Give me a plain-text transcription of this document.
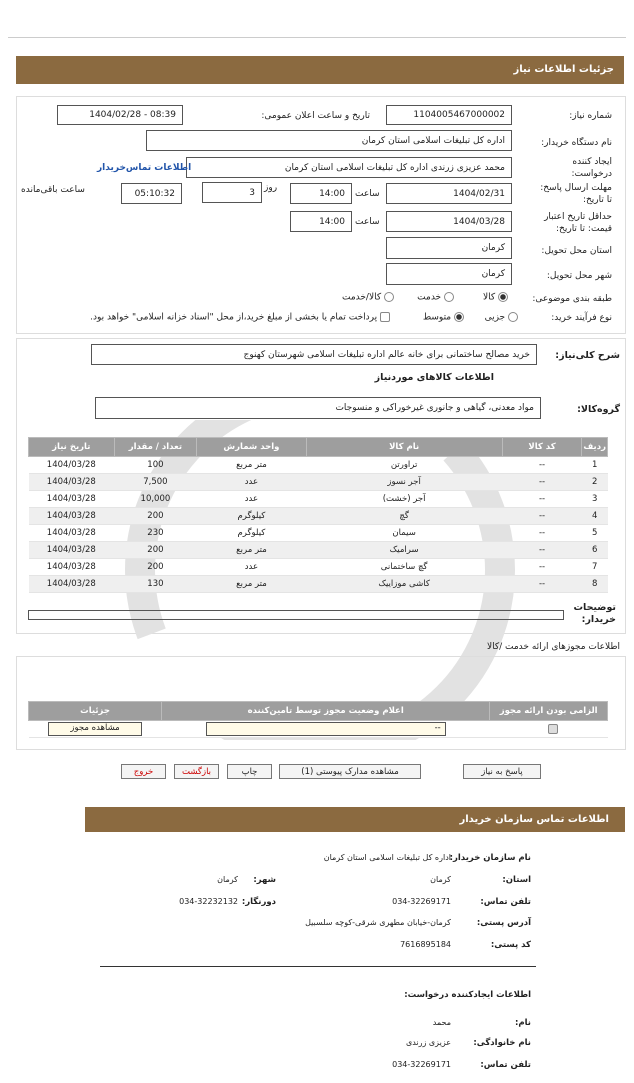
جزئیات اطلاعات نیاز
شماره نیاز:
1104005467000002
تاریخ و ساعت اعلان عمومی:
1404/02/28 - 08:39
نام دستگاه خریدار:
اداره کل تبلیغات اسلامی استان کرمان
ایجاد کننده درخواست:
محمد عزیزی زرندی اداره کل تبلیغات اسلامی استان کرمان
اطلاعات تماس‌خریدار
مهلت ارسال پاسخ: تا تاریخ:
1404/02/31
ساعت
14:00
روز
3
05:10:32
ساعت باقی‌مانده
حداقل تاریخ اعتبار قیمت: تا تاریخ:
1404/03/28
ساعت
14:00
استان محل تحویل:
کرمان
شهر محل تحویل:
کرمان
طبقه بندی موضوعی:
کالا
خدمت
کالا/خدمت
نوع فرآیند خرید:
جزیی
متوسط
پرداخت تمام یا بخشی از مبلغ خرید،از محل "اسناد خزانه اسلامی" خواهد بود.
شرح کلی‌نیاز:
خرید مصالح ساختمانی برای خانه عالم اداره تبلیغات اسلامی شهرستان کهنوج
اطلاعات کالاهای موردنیاز
گروه‌کالا:
مواد معدنی، گیاهی و جانوری غیرخوراکی و منسوجات
ردیف	کد کالا	نام کالا	واحد شمارش	تعداد / مقدار	تاریخ نیاز
1	--	تراورتن	متر مربع	100	1404/03/28
2	--	آجر نسوز	عدد	7,500	1404/03/28
3	--	آجر (خشت)	عدد	10,000	1404/03/28
4	--	گچ	کیلوگرم	200	1404/03/28
5	--	سیمان	کیلوگرم	230	1404/03/28
6	--	سرامیک	متر مربع	200	1404/03/28
7	--	گچ ساختمانی	عدد	200	1404/03/28
8	--	کاشی موزاییک	متر مربع	130	1404/03/28
توضیحات خریدار:
اطلاعات مجوزهای ارائه خدمت /کالا
الزامی بودن ارائه مجوز	اعلام وضعیت مجوز توسط تامین‌کننده	جزئیات

	--	مشاهده مجوز
پاسخ به نیاز
مشاهده مدارک پیوستی (1)
چاپ
بازگشت
خروج
اطلاعات تماس سازمان خریدار
نام سازمان خریدار:
اداره کل تبلیغات اسلامی استان کرمان
استان:
کرمان
شهر:
کرمان
تلفن تماس:
034-32269171
دورنگار:
034-32232132
آدرس پستی:
کرمان-خیابان مطهری شرقی-کوچه سلسبیل
کد پستی:
7616895184
اطلاعات ایجادکننده درخواست:
نام:
محمد
نام خانوادگی:
عزیزی زرندی
تلفن تماس:
034-32269171
